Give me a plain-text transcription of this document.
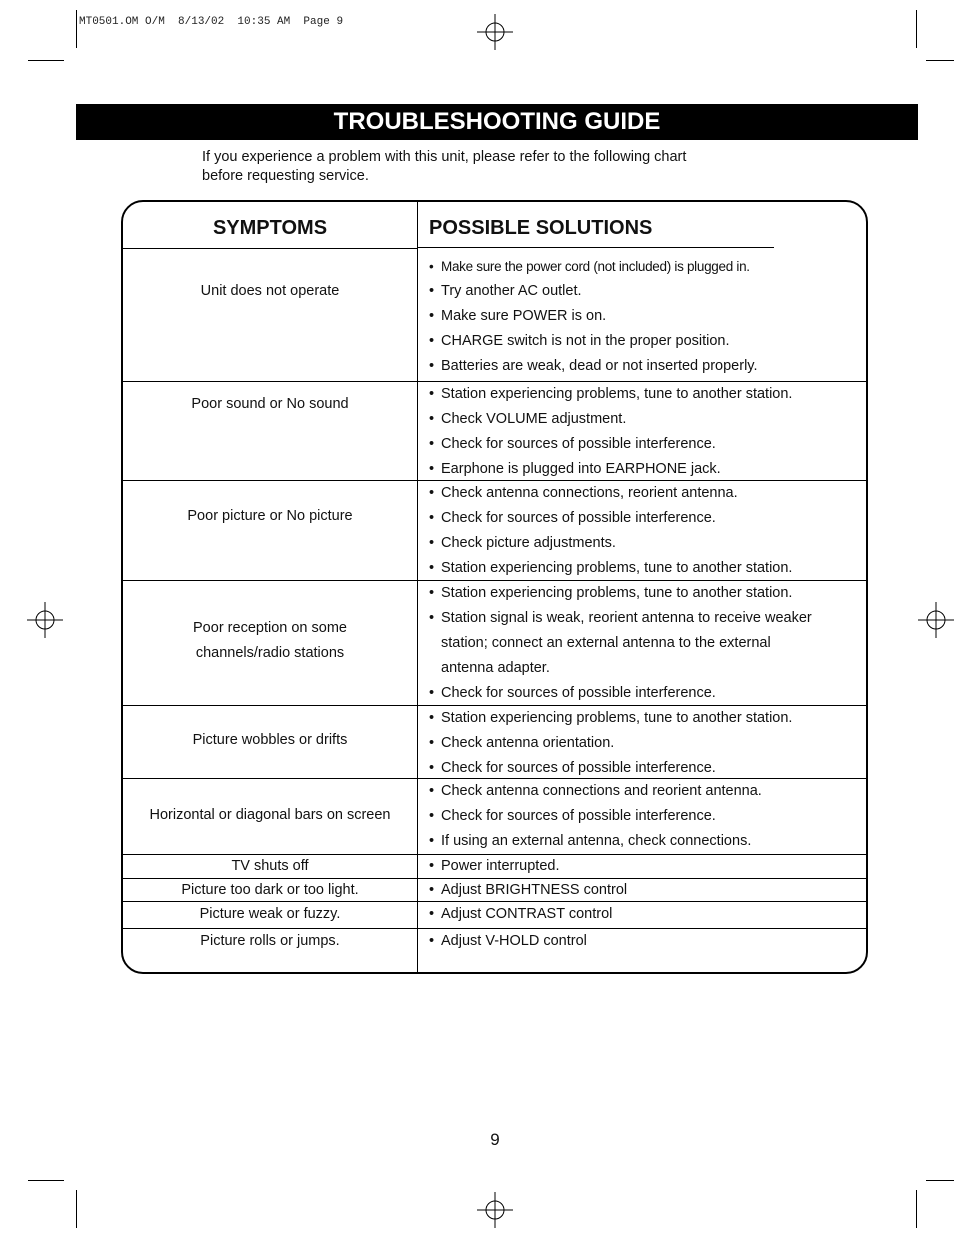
MT0501.OM O/M  8/13/02  10:35 AM  Page 9
TROUBLESHOOTING GUIDE
If you experience a problem with this unit, please refer to the following chart
before requesting service.
SYMPTOMS	POSSIBLE SOLUTIONS
Unit does not operate
• Make sure the power cord (not included) is plugged in.
• Try another AC outlet.
• Make sure POWER is on.
• CHARGE switch is not in the proper position.
• Batteries are weak, dead or not inserted properly.
Poor sound or No sound
• Station experiencing problems, tune to another station.
• Check VOLUME adjustment.
• Check for sources of possible interference.
• Earphone is plugged into EARPHONE jack.
Poor picture or No picture
• Check antenna connections, reorient antenna.
• Check for sources of possible interference.
• Check picture adjustments.
• Station experiencing problems, tune to another station.
Poor reception on some
channels/radio stations
• Station experiencing problems, tune to another station.
• Station signal is weak, reorient antenna to receive weaker
station; connect an external antenna to the external
antenna adapter.
• Check for sources of possible interference.
Picture wobbles or drifts
• Station experiencing problems, tune to another station.
• Check antenna orientation.
• Check for sources of possible interference.
Horizontal or diagonal bars on screen
• Check antenna connections and reorient antenna.
• Check for sources of possible interference.
• If using an external antenna, check connections.
TV shuts off	• Power interrupted.
Picture too dark or too light.	• Adjust BRIGHTNESS control
Picture weak or fuzzy.	• Adjust CONTRAST control
Picture rolls or jumps.	• Adjust V-HOLD control
9
